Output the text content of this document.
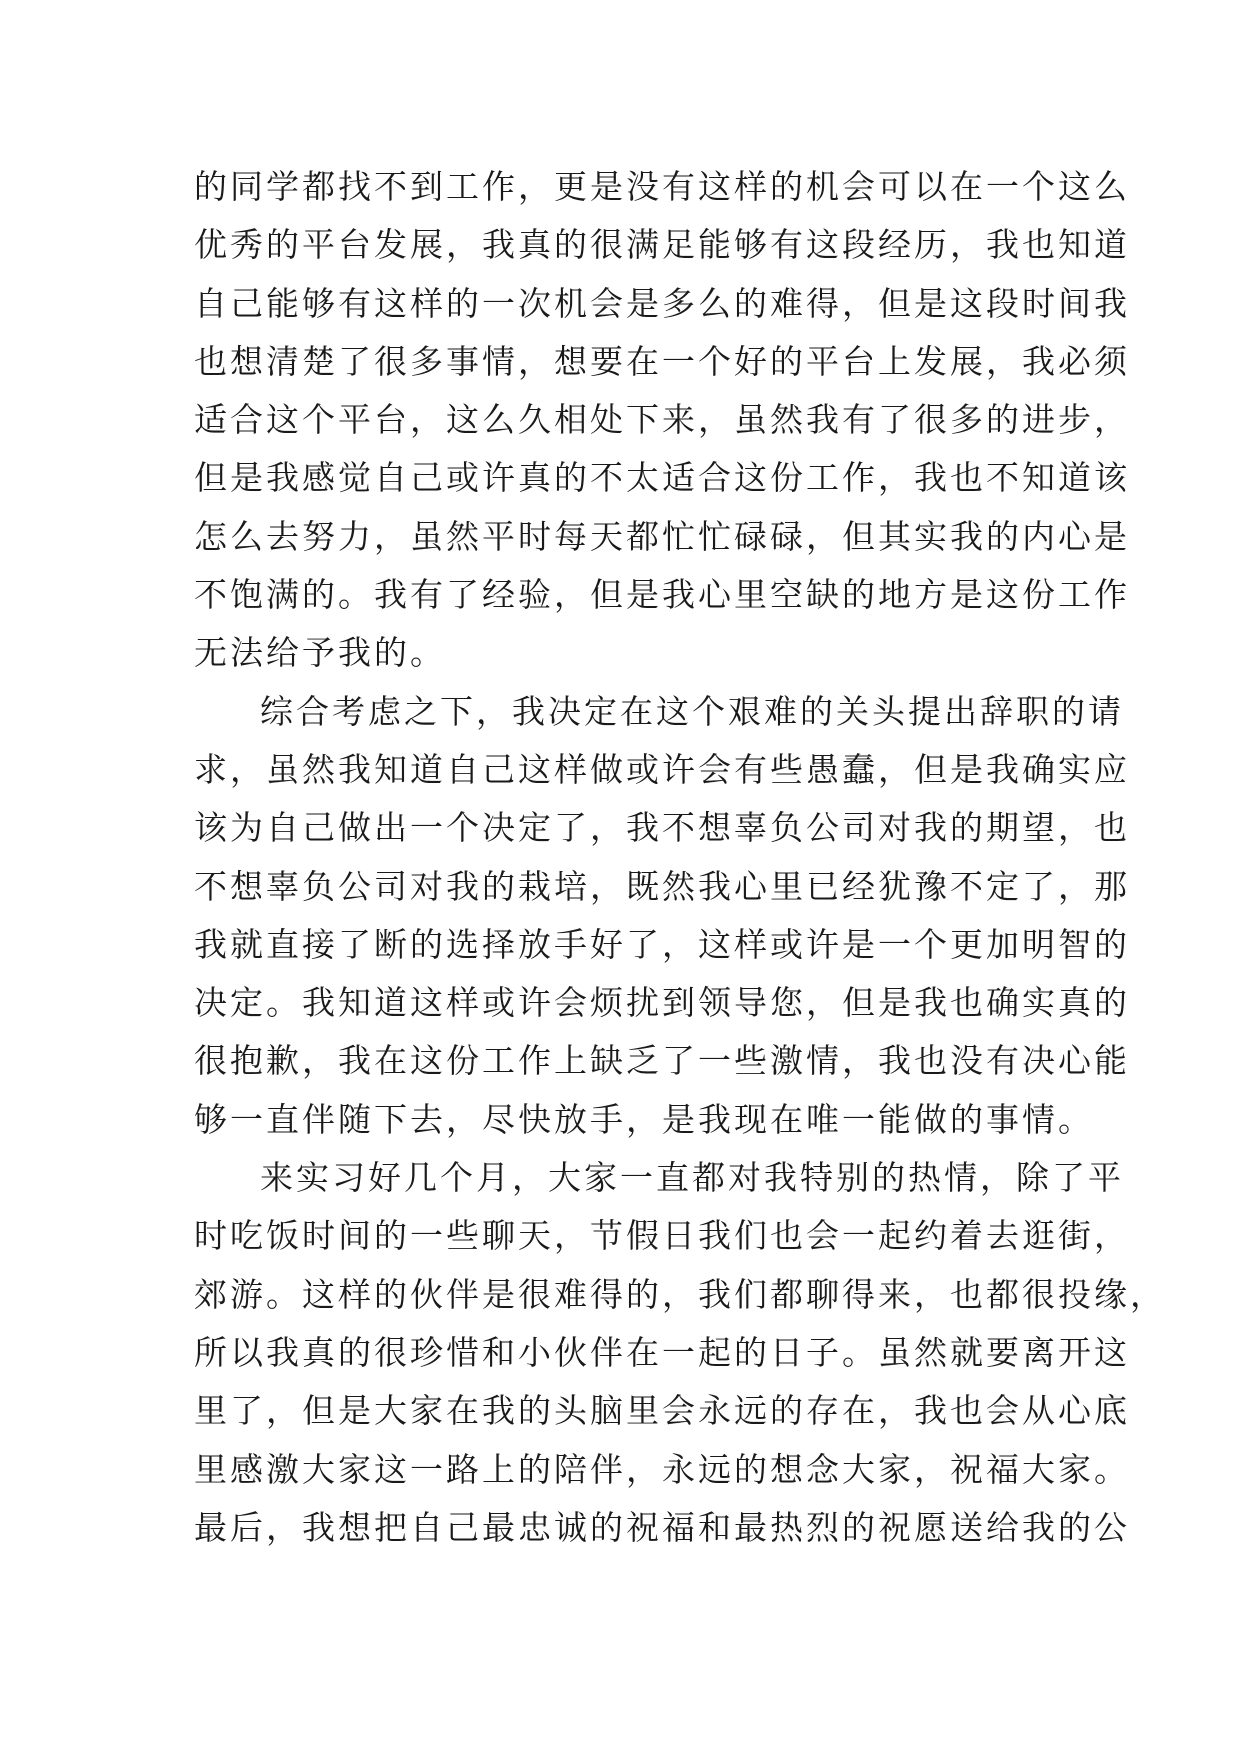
的同学都找不到工作，更是没有这样的机会可以在一个这么
优秀的平台发展，我真的很满足能够有这段经历，我也知道
自己能够有这样的一次机会是多么的难得，但是这段时间我
也想清楚了很多事情，想要在一个好的平台上发展，我必须
适合这个平台，这么久相处下来，虽然我有了很多的进步，
但是我感觉自己或许真的不太适合这份工作，我也不知道该
怎么去努力，虽然平时每天都忙忙碌碌，但其实我的内心是
不饱满的。我有了经验，但是我心里空缺的地方是这份工作
无法给予我的。
综合考虑之下，我决定在这个艰难的关头提出辞职的请
求，虽然我知道自己这样做或许会有些愚蠢，但是我确实应
该为自己做出一个决定了，我不想辜负公司对我的期望，也
不想辜负公司对我的栽培，既然我心里已经犹豫不定了，那
我就直接了断的选择放手好了，这样或许是一个更加明智的
决定。我知道这样或许会烦扰到领导您，但是我也确实真的
很抱歉，我在这份工作上缺乏了一些激情，我也没有决心能
够一直伴随下去，尽快放手，是我现在唯一能做的事情。
来实习好几个月，大家一直都对我特别的热情，除了平
时吃饭时间的一些聊天，节假日我们也会一起约着去逛街，
郊游。这样的伙伴是很难得的，我们都聊得来，也都很投缘，
所以我真的很珍惜和小伙伴在一起的日子。虽然就要离开这
里了，但是大家在我的头脑里会永远的存在，我也会从心底
里感激大家这一路上的陪伴，永远的想念大家，祝福大家。
最后，我想把自己最忠诚的祝福和最热烈的祝愿送给我的公
